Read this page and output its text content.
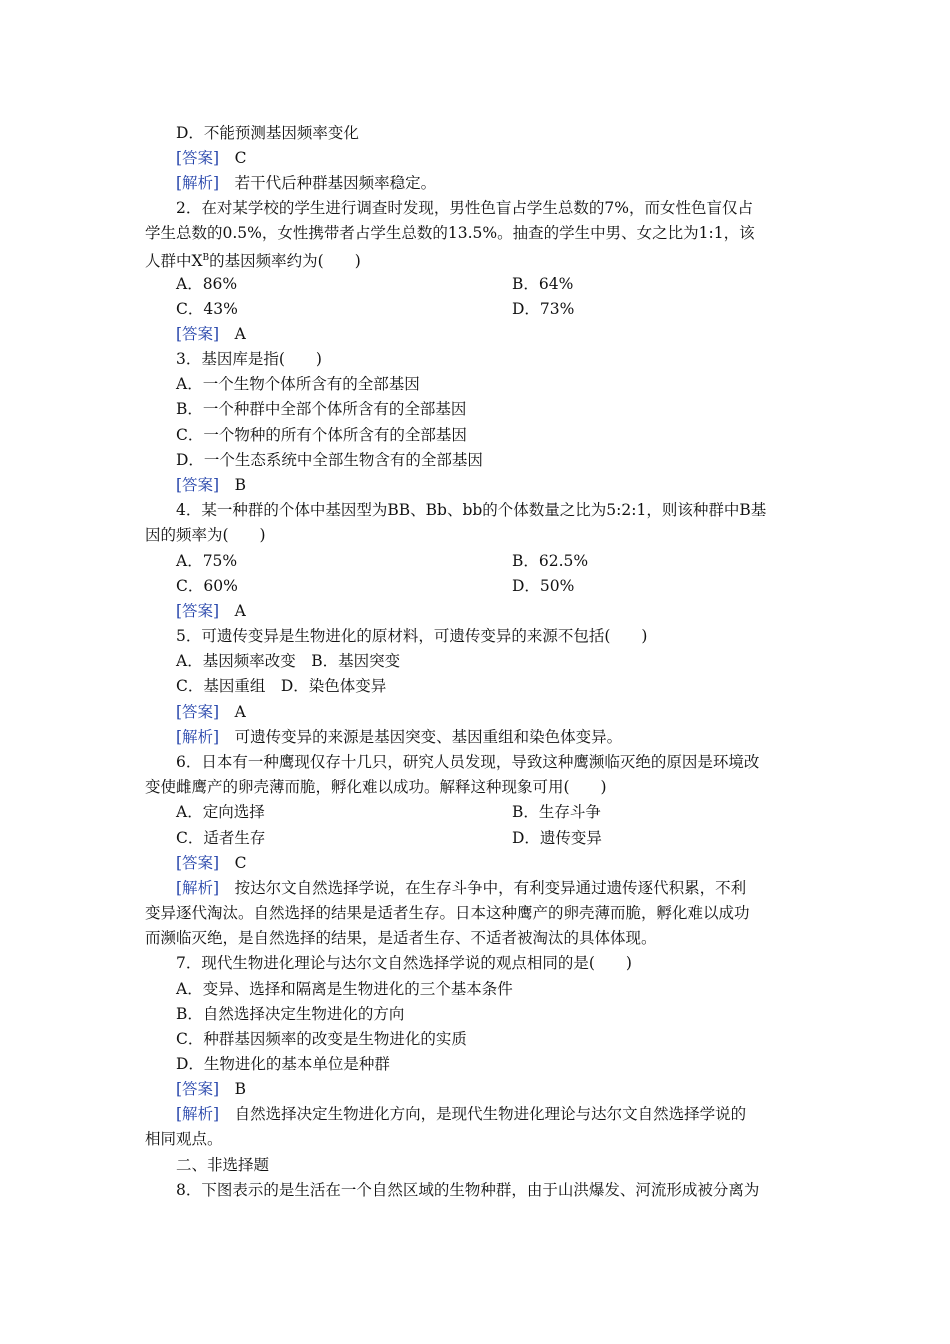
D．不能预测基因频率变化
[答案]　 C
[解析]　 若干代后种群基因频率稳定。
2．在对某学校的学生进行调查时发现，男性色盲占学生总数的7%，而女性色盲仅占
学生总数的0.5%，女性携带者占学生总数的13.5%。抽查的学生中男、女之比为1:1，该
人群中$X^B$的基因频率约为(　　)
A．86%	B．64%
C．43%	D．73%
[答案]　 A
3．基因库是指(　　)
A．一个生物个体所含有的全部基因
B．一个种群中全部个体所含有的全部基因
C．一个物种的所有个体所含有的全部基因
D．一个生态系统中全部生物含有的全部基因
[答案]　 B
4．某一种群的个体中基因型为BB、Bb、bb的个体数量之比为5:2:1，则该种群中B基
因的频率为(　　)
A．75%	B．62.5%
C．60%	D．50%
[答案]　 A
5．可遗传变异是生物进化的原材料，可遗传变异的来源不包括(　　)
A．基因频率改变　B．基因突变
C．基因重组　D．染色体变异
[答案]　 A
[解析]　 可遗传变异的来源是基因突变、基因重组和染色体变异。
6．日本有一种鹰现仅存十几只，研究人员发现，导致这种鹰濒临灭绝的原因是环境改
变使雌鹰产的卵壳薄而脆，孵化难以成功。解释这种现象可用(　　)
A．定向选择	B．生存斗争
C．适者生存	D．遗传变异
[答案]　 C
[解析]　 按达尔文自然选择学说，在生存斗争中，有利变异通过遗传逐代积累，不利
变异逐代淘汰。自然选择的结果是适者生存。日本这种鹰产的卵壳薄而脆，孵化难以成功
而濒临灭绝，是自然选择的结果，是适者生存、不适者被淘汰的具体体现。
7．现代生物进化理论与达尔文自然选择学说的观点相同的是(　　)
A．变异、选择和隔离是生物进化的三个基本条件
B．自然选择决定生物进化的方向
C．种群基因频率的改变是生物进化的实质
D．生物进化的基本单位是种群
[答案]　 B
[解析]　 自然选择决定生物进化方向，是现代生物进化理论与达尔文自然选择学说的
相同观点。
二、非选择题
8．下图表示的是生活在一个自然区域的生物种群，由于山洪爆发、河流形成被分离为
